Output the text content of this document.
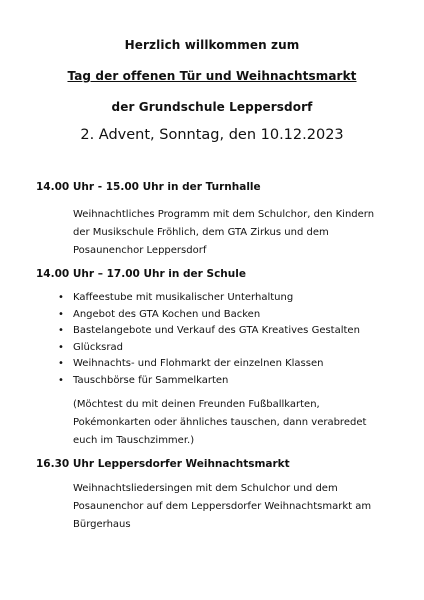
Herzlich willkommen zum
Tag der offenen Tür und Weihnachtsmarkt
der Grundschule Leppersdorf
2. Advent, Sonntag, den 10.12.2023
14.00 Uhr - 15.00 Uhr in der Turnhalle
Weihnachtliches Programm mit dem Schulchor, den Kindern der Musikschule Fröhlich, dem GTA Zirkus und dem Posaunenchor Leppersdorf
14.00 Uhr – 17.00 Uhr in der Schule
• Kaffeestube mit musikalischer Unterhaltung
• Angebot des GTA Kochen und Backen
• Bastelangebote und Verkauf des GTA Kreatives Gestalten
• Glücksrad
• Weihnachts- und Flohmarkt der einzelnen Klassen
• Tauschbörse für Sammelkarten
(Möchtest du mit deinen Freunden Fußballkarten, Pokémonkarten oder ähnliches tauschen, dann verabredet euch im Tauschzimmer.)
16.30 Uhr Leppersdorfer Weihnachtsmarkt
Weihnachtsliedersingen mit dem Schulchor und dem Posaunenchor auf dem Leppersdorfer Weihnachtsmarkt am Bürgerhaus
